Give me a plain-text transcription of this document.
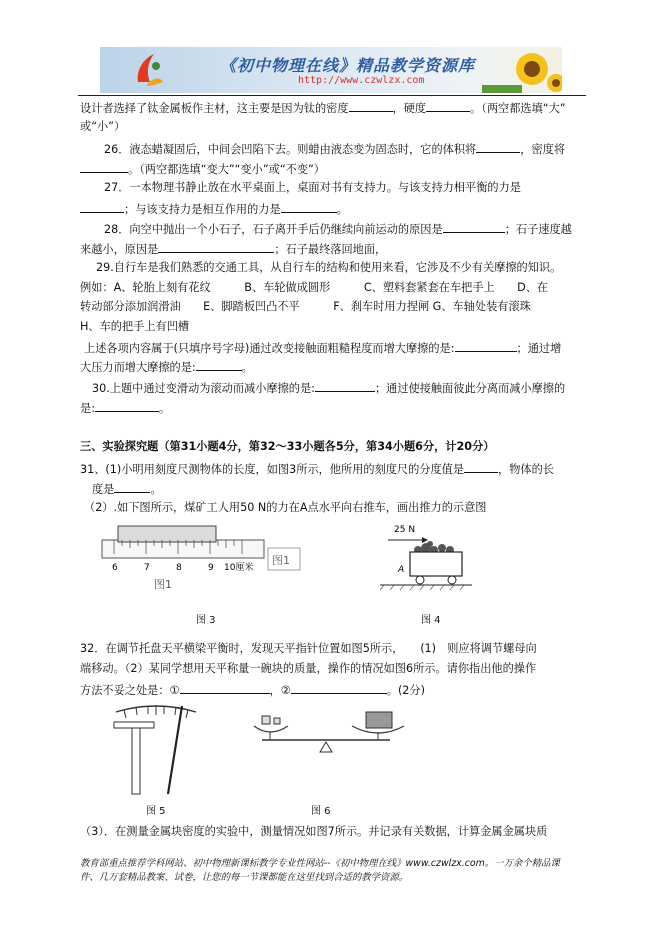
《初中物理在线》精品教学资源库
http://www.czwlzx.com
设计者选择了钛金属板作主材，这主要是因为钛的密度	，硬度	。（两空都选填“大”
或“小”）
26．液态蜡凝固后，中间会凹陷下去。则蜡由液态变为固态时，它的体积将	，密度将
。（两空都选填“变大”“变小”或“不变”）
27．一本物理书静止放在水平桌面上，桌面对书有支持力。与该支持力相平衡的力是
；与该支持力是相互作用的力是	。
28．向空中抛出一个小石子，石子离开手后仍继续向前运动的原因是	；石子速度越
来越小，原因是	；石子最终落回地面，
29.自行车是我们熟悉的交通工具，从自行车的结构和使用来看，它涉及不少有关摩擦的知识。
例如：A、轮胎上刻有花纹　　　B、车轮做成圆形　　　C、塑料套紧套在车把手上　　D、在
转动部分添加润滑油　　E、脚踏板凹凸不平　　　F、刹车时用力捏闸 G、车轴处装有滚珠
H、车的把手上有凹槽
上述各项内容属于(只填序号字母)通过改变接触面粗糙程度而增大摩擦的是:	；通过增
大压力而增大摩擦的是:	。
30.上题中通过变滑动为滚动而减小摩擦的是:	；通过使接触面彼此分离而减小摩擦的
是:	。
三、实验探究题（第31小题4分，第32～33小题各5分，第34小题6分，计20分）
31、(1)小明用刻度尺测物体的长度，如图3所示，他所用的刻度尺的分度值是	，物体的长
度是	。
（2）.如下图所示，煤矿工人用50 N的力在A点水平向右推车，画出推力的示意图
6	7	8	9 10厘米
图1
图1
图 3
25 N
A
图 4
32．在调节托盘天平横梁平衡时，发现天平指针位置如图5所示，　　(1)　则应将调节螺母向
端移动。（2）某同学想用天平称量一碗块的质量，操作的情况如图6所示。请你指出他的操作
方法不妥之处是：①	，②	。(2分)
图 5	图 6
（3）．在测量金属块密度的实验中，测量情况如图7所示。并记录有关数据，计算金属金属块质
教育部重点推荐学科网站、初中物理新课标教学专业性网站--《初中物理在线》www.czwlzx.com。一万余个精品课
件、几万套精品教案、试卷，让您的每一节课都能在这里找到合适的教学资源。
